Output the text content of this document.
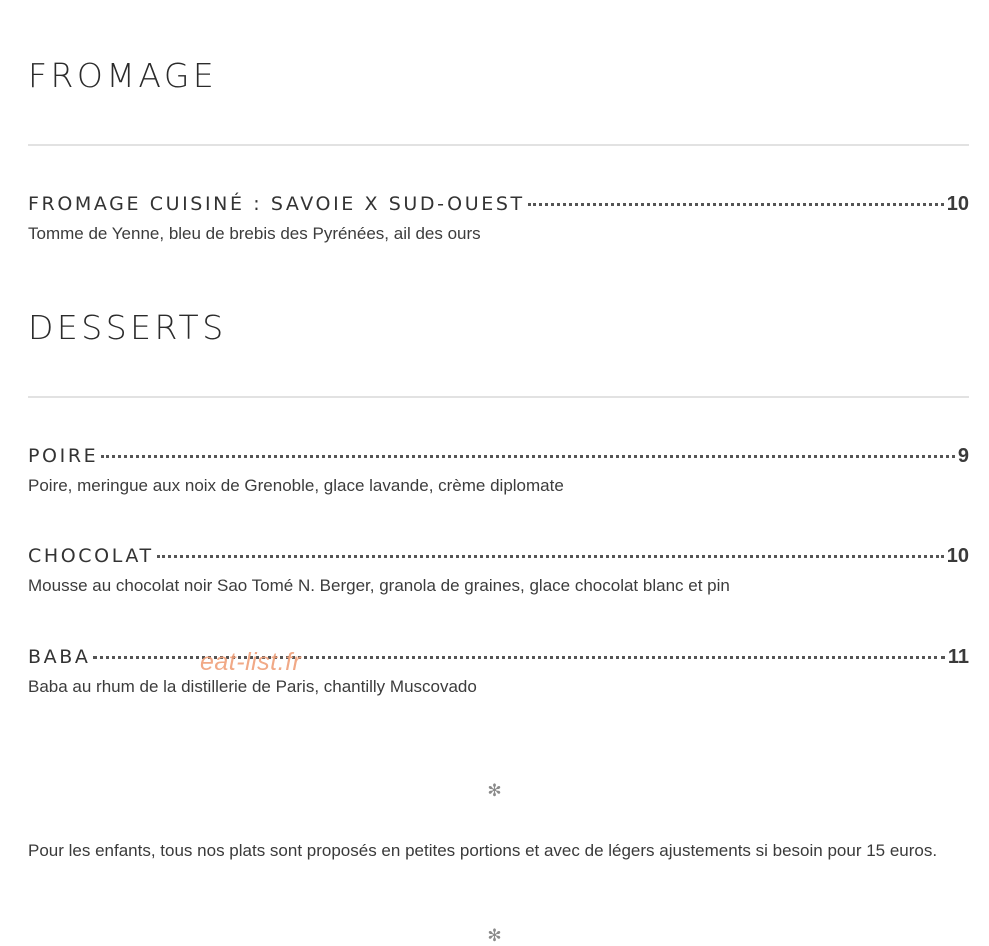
FROMAGE
FROMAGE CUISINÉ : SAVOIE X SUD-OUEST	10
Tomme de Yenne, bleu de brebis des Pyrénées, ail des ours
DESSERTS
POIRE	9
Poire, meringue aux noix de Grenoble, glace lavande, crème diplomate
CHOCOLAT	10
Mousse au chocolat noir Sao Tomé N. Berger, granola de graines, glace chocolat blanc et pin
BABA	11
Baba au rhum de la distillerie de Paris, chantilly Muscovado
eat-list.fr
✻
Pour les enfants, tous nos plats sont proposés en petites portions et avec de légers ajustements si besoin pour 15 euros.
✻
